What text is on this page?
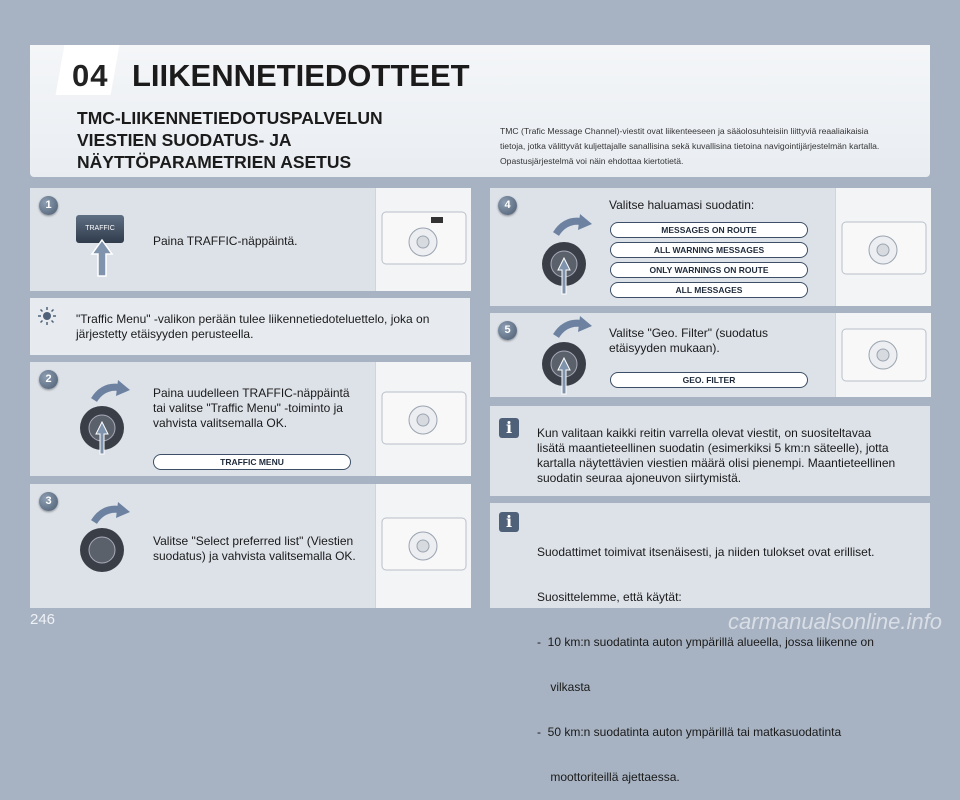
04 LIIKENNETIEDOTTEET
TMC-LIIKENNETIEDOTUSPALVELUN
VIESTIEN SUODATUS- JA
NÄYTTÖPARAMETRIEN ASETUS
TMC (Trafic Message Channel)-viestit ovat liikenteeseen ja sääolosuhteisiin liittyviä reaaliaikaisia
tietoja, jotka välittyvät kuljettajalle sanallisina sekä kuvallisina tietoina navigointijärjestelmän kartalla.
Opastusjärjestelmä voi näin ehdottaa kiertotietä.
1
TRAFFIC
Paina TRAFFIC-näppäintä.
"Traffic Menu" -valikon perään tulee liikennetiedoteluettelo, joka on
järjestetty etäisyyden perusteella.
2
Paina uudelleen TRAFFIC-näppäintä
tai valitse "Traffic Menu" -toiminto ja
vahvista valitsemalla OK.
TRAFFIC MENU
3
Valitse "Select preferred list" (Viestien
suodatus) ja vahvista valitsemalla OK.
4	Valitse haluamasi suodatin:
MESSAGES ON ROUTE
ALL WARNING MESSAGES
ONLY WARNINGS ON ROUTE
ALL MESSAGES
5	Valitse "Geo. Filter" (suodatus
etäisyyden mukaan).
GEO. FILTER
i	Kun valitaan kaikki reitin varrella olevat viestit, on suositeltavaa
lisätä maantieteellinen suodatin (esimerkiksi 5 km:n säteelle), jotta
kartalla näytettävien viestien määrä olisi pienempi. Maantieteellinen
suodatin seuraa ajoneuvon siirtymistä.
i

Suodattimet toimivat itsenäisesti, ja niiden tulokset ovat erilliset.

Suosittelemme, että käytät:

-  10 km:n suodatinta auton ympärillä alueella, jossa liikenne on

vilkasta

-  50 km:n suodatinta auton ympärillä tai matkasuodatinta

moottoriteillä ajettaessa.

246	carmanualsonline.info
